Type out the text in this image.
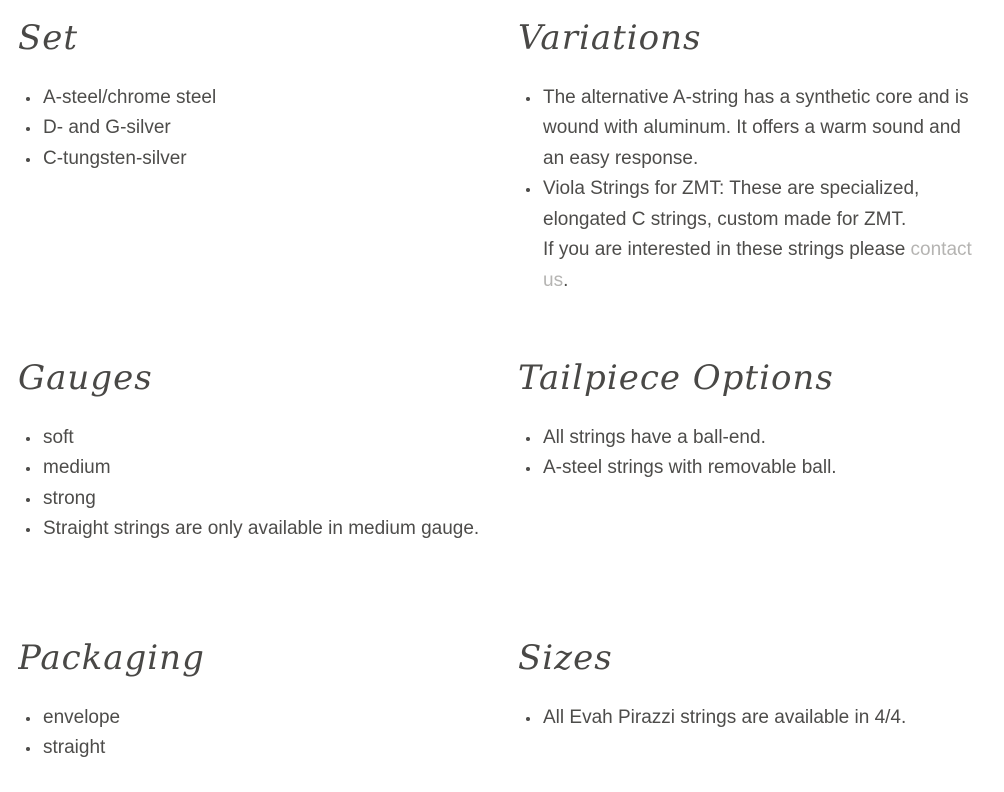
Set
• A-steel/chrome steel
• D- and G-silver
• C-tungsten-silver
Variations
• The alternative A-string has a synthetic core and is wound with aluminum. It offers a warm sound and an easy response.
• Viola Strings for ZMT: These are specialized, elongated C strings, custom made for ZMT.
If you are interested in these strings please contact us.
Gauges
• soft
• medium
• strong
• Straight strings are only available in medium gauge.
Tailpiece Options
• All strings have a ball-end.
• A-steel strings with removable ball.
Packaging
• envelope
• straight
Sizes
• All Evah Pirazzi strings are available in 4/4.
